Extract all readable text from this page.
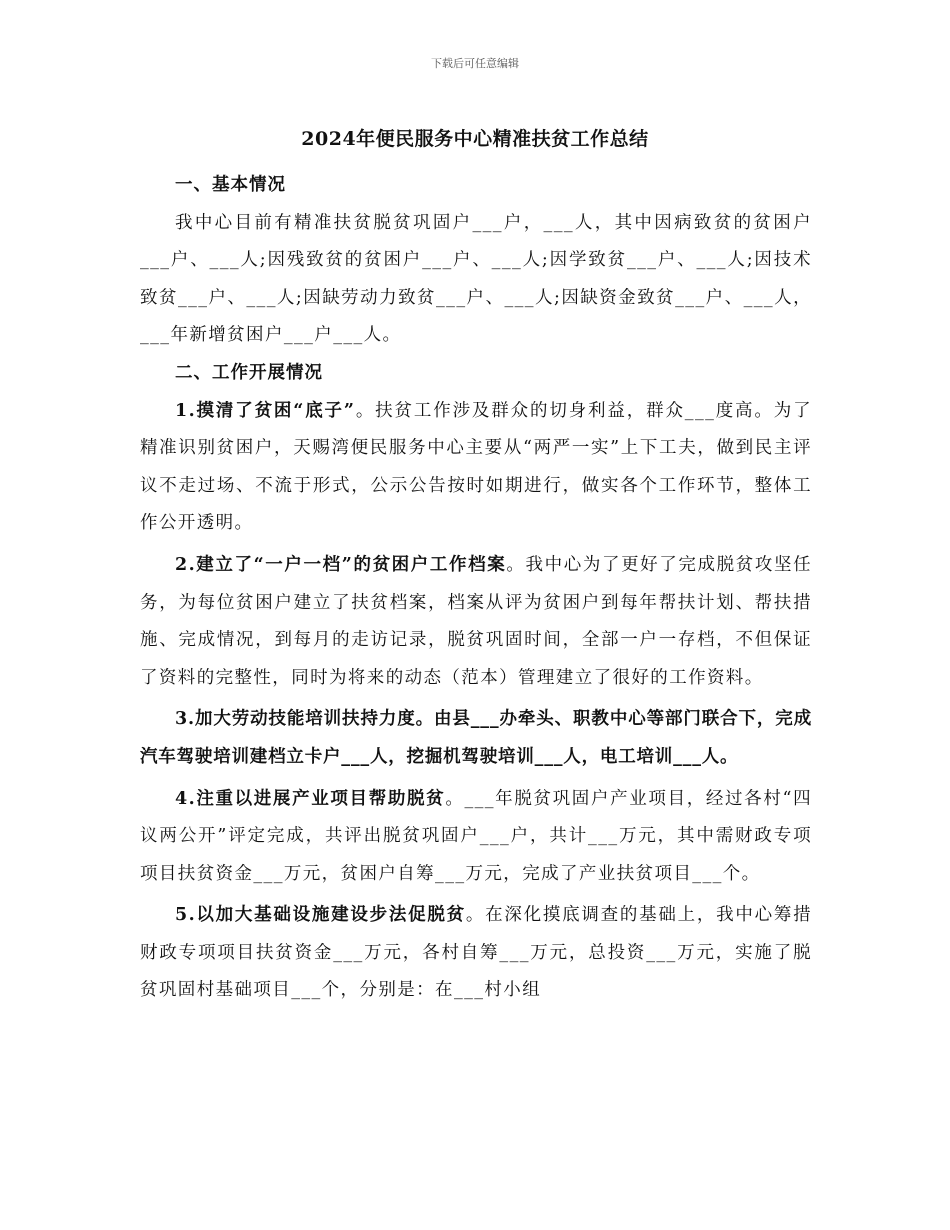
下载后可任意编辑
2024年便民服务中心精准扶贫工作总结
一、基本情况

我中心目前有精准扶贫脱贫巩固户___户，___人，其中因病致贫的贫困户___户、___人;因残致贫的贫困户___户、___人;因学致贫___户、___人;因技术致贫___户、___人;因缺劳动力致贫___户、___人;因缺资金致贫___户、___人，___年新增贫困户___户___人。

二、工作开展情况

1.摸清了贫困“底子”。扶贫工作涉及群众的切身利益，群众___度高。为了精准识别贫困户，天赐湾便民服务中心主要从“两严一实”上下工夫，做到民主评议不走过场、不流于形式，公示公告按时如期进行，做实各个工作环节，整体工作公开透明。

2.建立了“一户一档”的贫困户工作档案。我中心为了更好了完成脱贫攻坚任务，为每位贫困户建立了扶贫档案，档案从评为贫困户到每年帮扶计划、帮扶措施、完成情况，到每月的走访记录，脱贫巩固时间，全部一户一存档，不但保证了资料的完整性，同时为将来的动态（范本）管理建立了很好的工作资料。

3.加大劳动技能培训扶持力度。由县___办牵头、职教中心等部门联合下，完成汽车驾驶培训建档立卡户___人，挖掘机驾驶培训___人，电工培训___人。

4.注重以进展产业项目帮助脱贫。___年脱贫巩固户产业项目，经过各村“四议两公开”评定完成，共评出脱贫巩固户___户，共计___万元，其中需财政专项项目扶贫资金___万元，贫困户自筹___万元，完成了产业扶贫项目___个。

5.以加大基础设施建设步法促脱贫。在深化摸底调查的基础上，我中心筹措财政专项项目扶贫资金___万元，各村自筹___万元，总投资___万元，实施了脱贫巩固村基础项目___个，分别是：在___村小组
